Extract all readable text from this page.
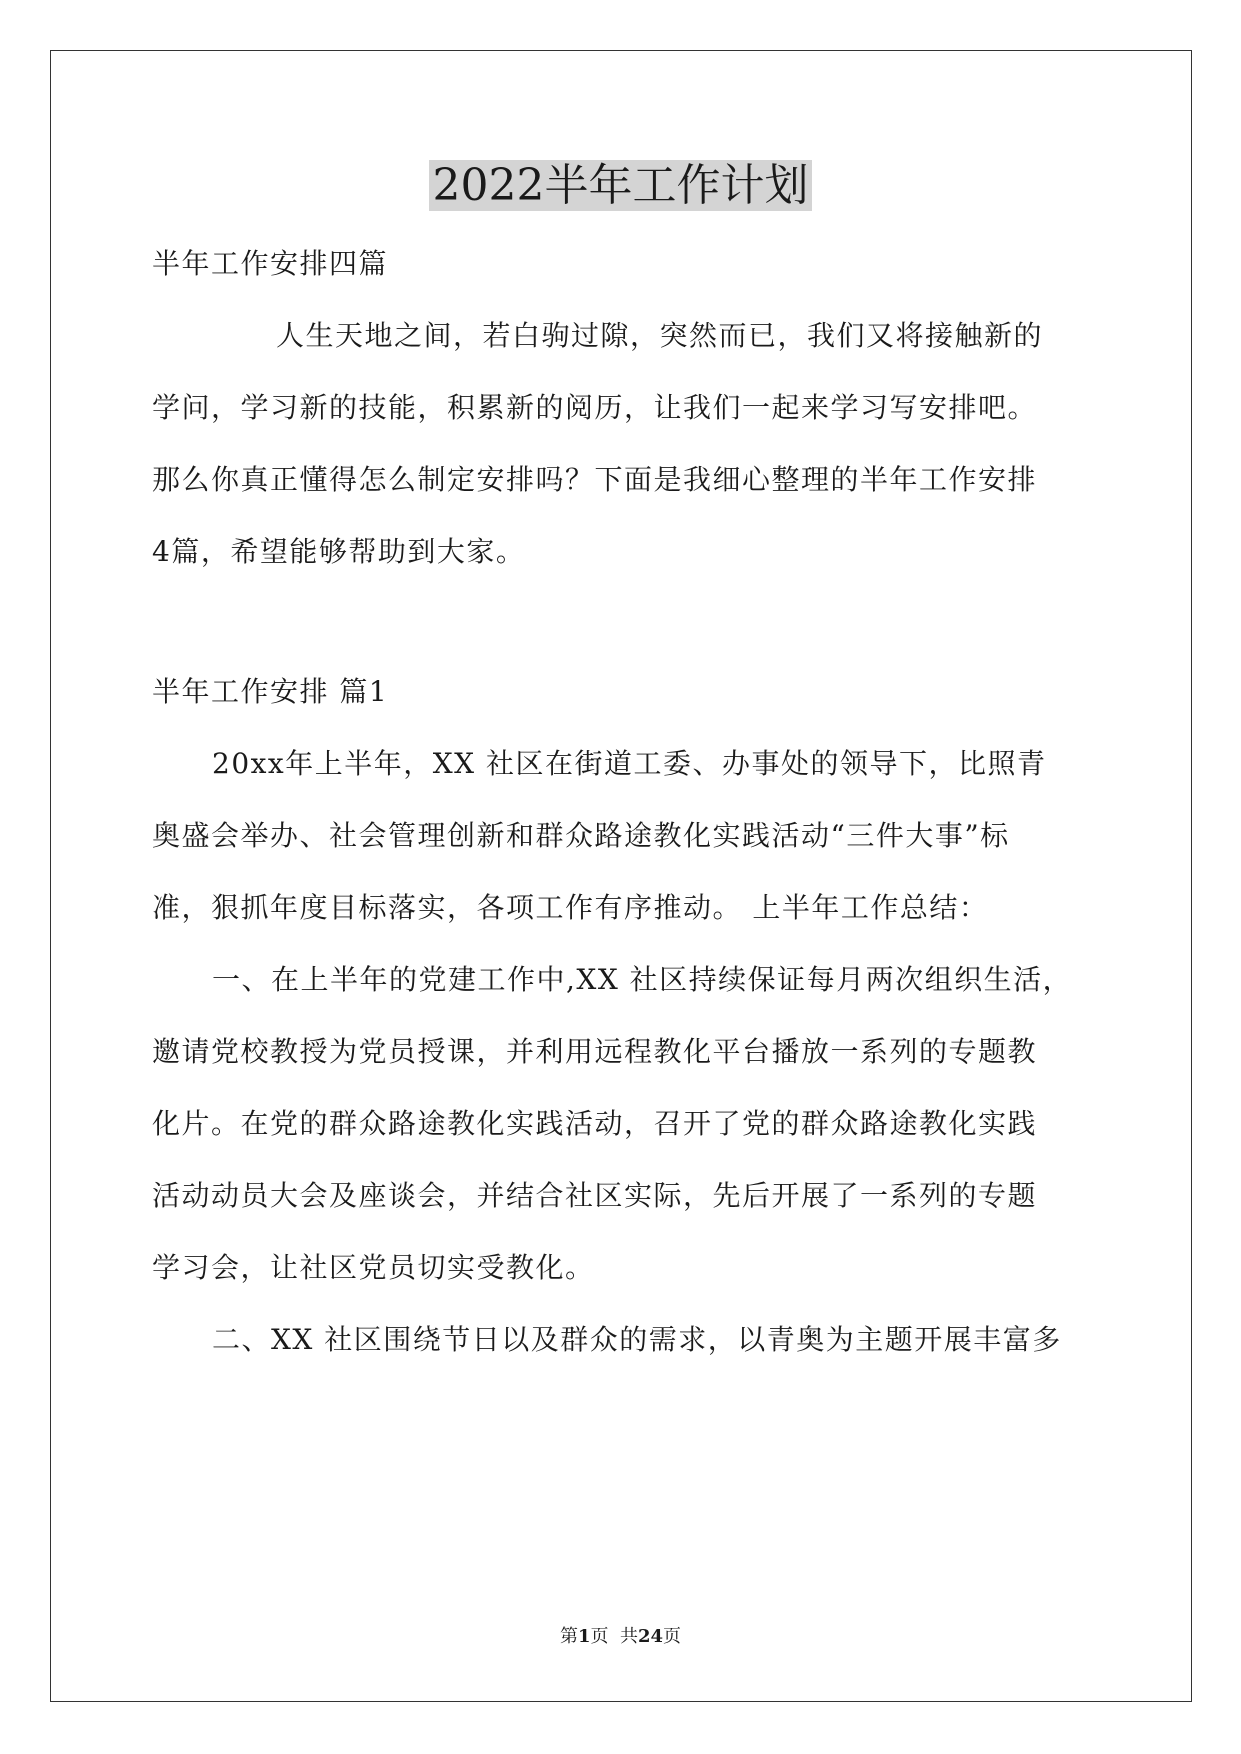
2022半年工作计划

半年工作安排四篇

人生天地之间，若白驹过隙，突然而已，我们又将接触新的

学问，学习新的技能，积累新的阅历，让我们一起来学习写安排吧。

那么你真正懂得怎么制定安排吗？下面是我细心整理的半年工作安排

4篇，希望能够帮助到大家。

半年工作安排 篇1

20xx年上半年，XX 社区在街道工委、办事处的领导下，比照青

奥盛会举办、社会管理创新和群众路途教化实践活动“三件大事”标

准，狠抓年度目标落实，各项工作有序推动。 上半年工作总结：

一、在上半年的党建工作中,XX 社区持续保证每月两次组织生活，

邀请党校教授为党员授课，并利用远程教化平台播放一系列的专题教

化片。在党的群众路途教化实践活动，召开了党的群众路途教化实践

活动动员大会及座谈会，并结合社区实际，先后开展了一系列的专题

学习会，让社区党员切实受教化。

二、XX 社区围绕节日以及群众的需求，以青奥为主题开展丰富多

第1页  共24页
